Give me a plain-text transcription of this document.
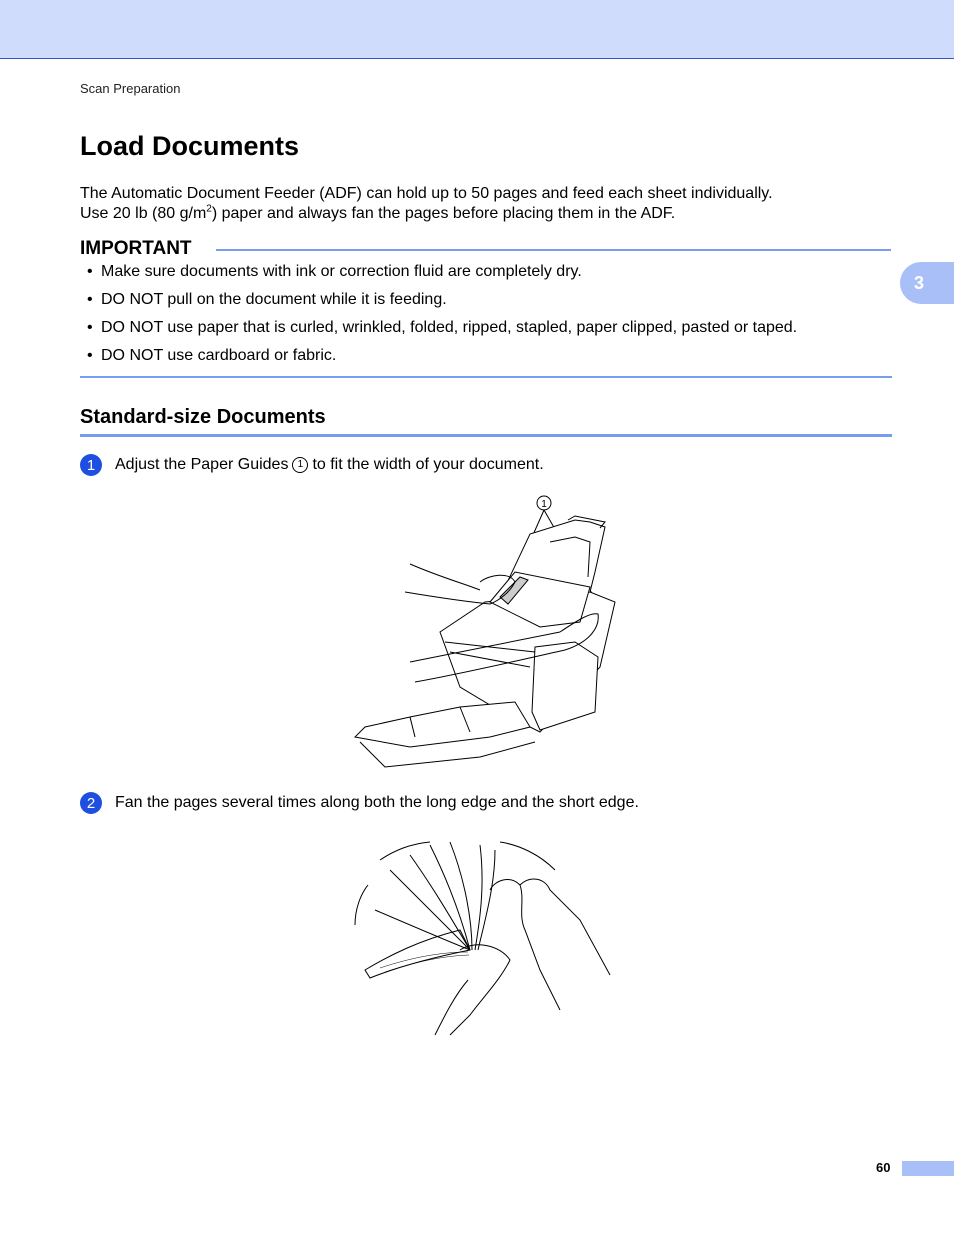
Scan Preparation
3
Load Documents
The Automatic Document Feeder (ADF) can hold up to 50 pages and feed each sheet individually.
Use 20 lb (80 $g/m^2$) paper and always fan the pages before placing them in the ADF.
IMPORTANT
• Make sure documents with ink or correction fluid are completely dry.
• DO NOT pull on the document while it is feeding.
• DO NOT use paper that is curled, wrinkled, folded, ripped, stapled, paper clipped, pasted or taped.
• DO NOT use cardboard or fabric.
Standard-size Documents
1	Adjust the Paper Guides 1 to fit the width of your document.
1
2	Fan the pages several times along both the long edge and the short edge.
60
